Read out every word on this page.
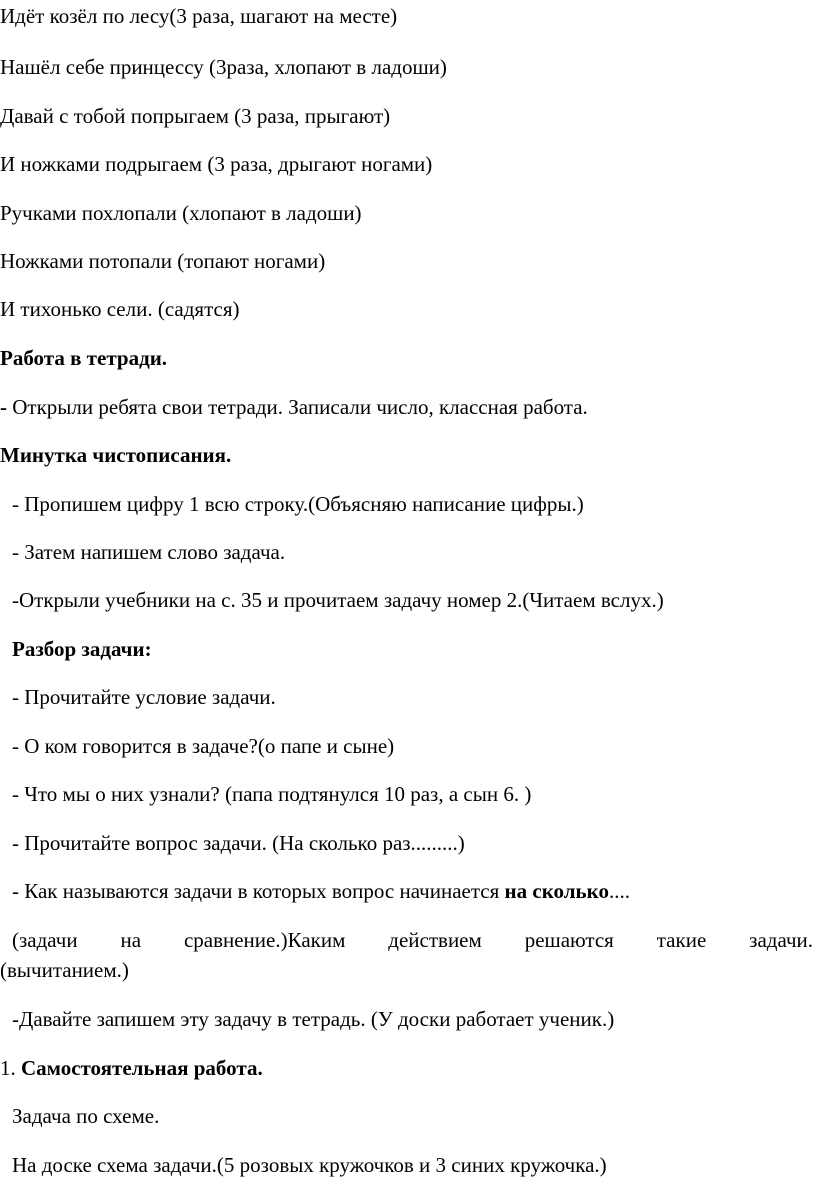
Идёт козёл по лесу(3 раза, шагают на месте)
Нашёл себе принцессу (3раза, хлопают в ладоши)
Давай с тобой попрыгаем (3 раза, прыгают)
И ножками подрыгаем (3 раза, дрыгают ногами)
Ручками похлопали (хлопают в ладоши)
Ножками потопали (топают ногами)
И тихонько сели. (садятся)
Работа в тетради.
- Открыли ребята свои тетради. Записали число, классная работа.
Минутка чистописания.
- Пропишем цифру 1 всю строку.(Объясняю написание цифры.)
- Затем напишем слово задача.
-Открыли учебники на с. 35 и прочитаем задачу номер 2.(Читаем вслух.)
Разбор задачи:
- Прочитайте условие задачи.
- О ком говорится в задаче?(о папе и сыне)
- Что мы о них узнали? (папа подтянулся 10 раз, а сын 6. )
- Прочитайте вопрос задачи. (На сколько раз.........)
- Как называются задачи в которых вопрос начинается на сколько....
(задачи на сравнение.)Каким действием решаются такие задачи.
(вычитанием.)
-Давайте запишем эту задачу в тетрадь. (У доски работает ученик.)
1. Самостоятельная работа.
Задача по схеме.
На доске схема задачи.(5 розовых кружочков и 3 синих кружочка.)
